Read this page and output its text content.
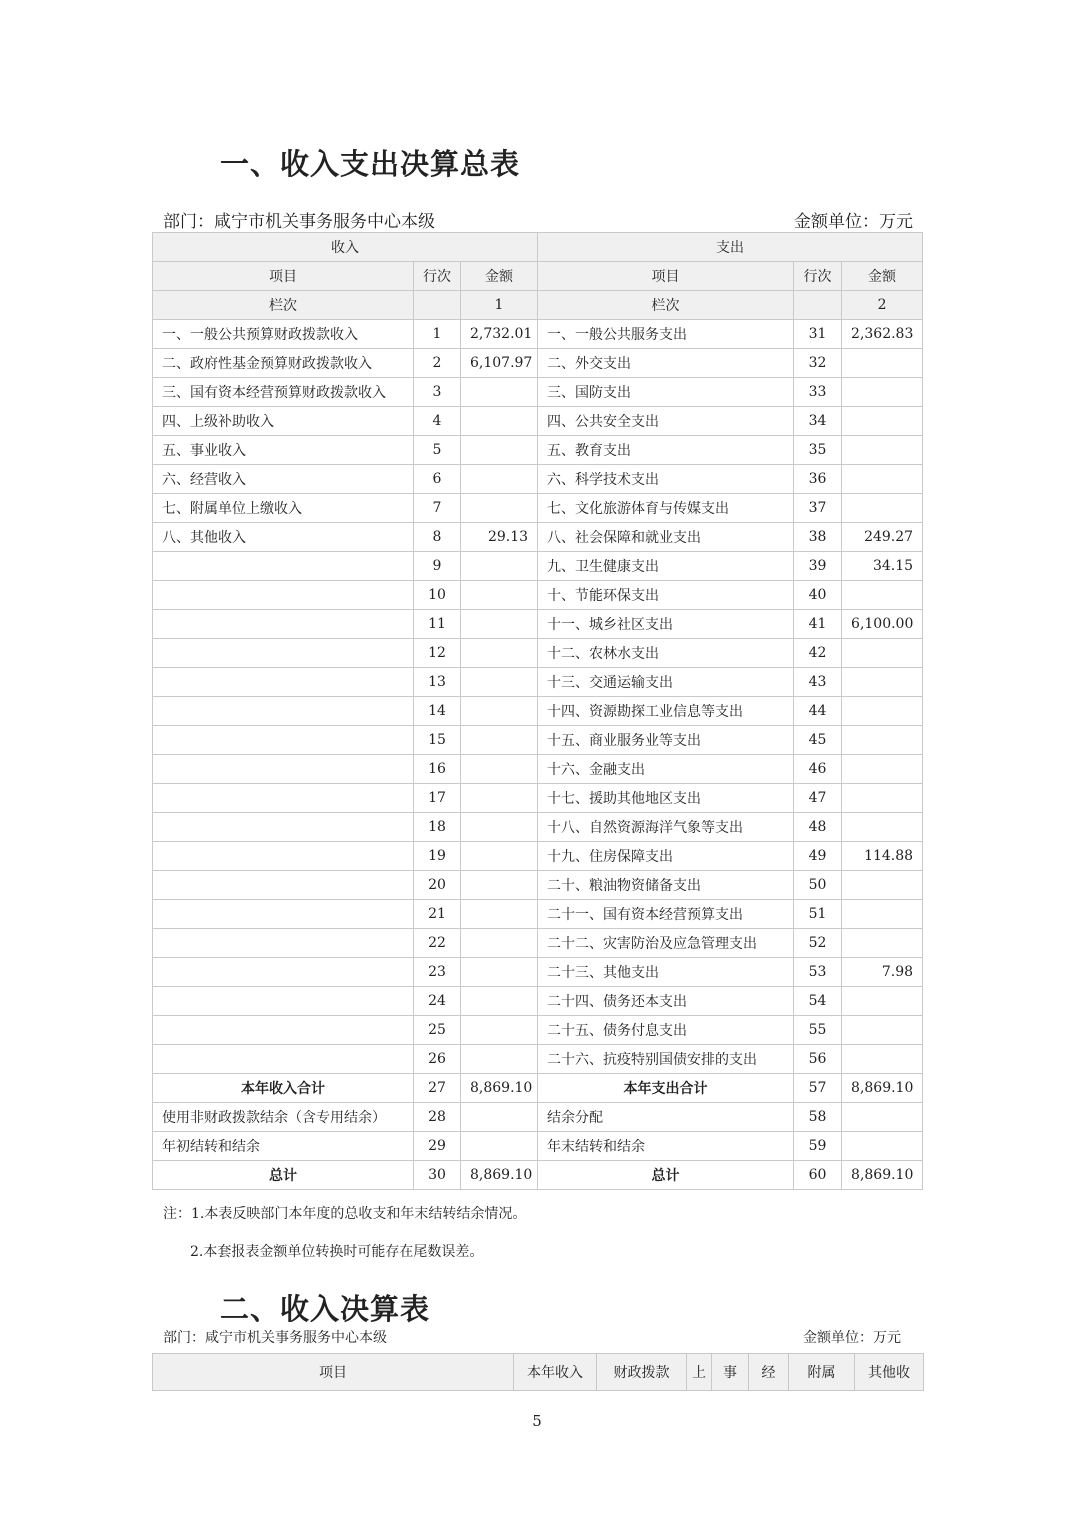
一、收入支出决算总表
部门：咸宁市机关事务服务中心本级	金额单位：万元
收入			支出		
项目	行次	金额	项目	行次	金额
栏次		1	栏次		2
一、一般公共预算财政拨款收入	1	2,732.01	一、一般公共服务支出	31	2,362.83
二、政府性基金预算财政拨款收入	2	6,107.97	二、外交支出	32	
三、国有资本经营预算财政拨款收入	3		三、国防支出	33	
四、上级补助收入	4		四、公共安全支出	34	
五、事业收入	5		五、教育支出	35	
六、经营收入	6		六、科学技术支出	36	
七、附属单位上缴收入	7		七、文化旅游体育与传媒支出	37	
八、其他收入	8	29.13	八、社会保障和就业支出	38	249.27
	9		九、卫生健康支出	39	34.15
	10		十、节能环保支出	40	
	11		十一、城乡社区支出	41	6,100.00
	12		十二、农林水支出	42	
	13		十三、交通运输支出	43	
	14		十四、资源勘探工业信息等支出	44	
	15		十五、商业服务业等支出	45	
	16		十六、金融支出	46	
	17		十七、援助其他地区支出	47	
	18		十八、自然资源海洋气象等支出	48	
	19		十九、住房保障支出	49	114.88
	20		二十、粮油物资储备支出	50	
	21		二十一、国有资本经营预算支出	51	
	22		二十二、灾害防治及应急管理支出	52	
	23		二十三、其他支出	53	7.98
	24		二十四、债务还本支出	54	
	25		二十五、债务付息支出	55	
	26		二十六、抗疫特别国债安排的支出	56	
本年收入合计	27	8,869.10	本年支出合计	57	8,869.10
使用非财政拨款结余（含专用结余）	28		结余分配	58	
年初结转和结余	29		年末结转和结余	59	
总计	30	8,869.10	总计	60	8,869.10

注：1.本表反映部门本年度的总收支和年末结转结余情况。

2.本套报表金额单位转换时可能存在尾数误差。

二、收入决算表
部门：咸宁市机关事务服务中心本级	金额单位：万元
项目	本年收入	财政拨款	上	事	经	附属	其他收
5
